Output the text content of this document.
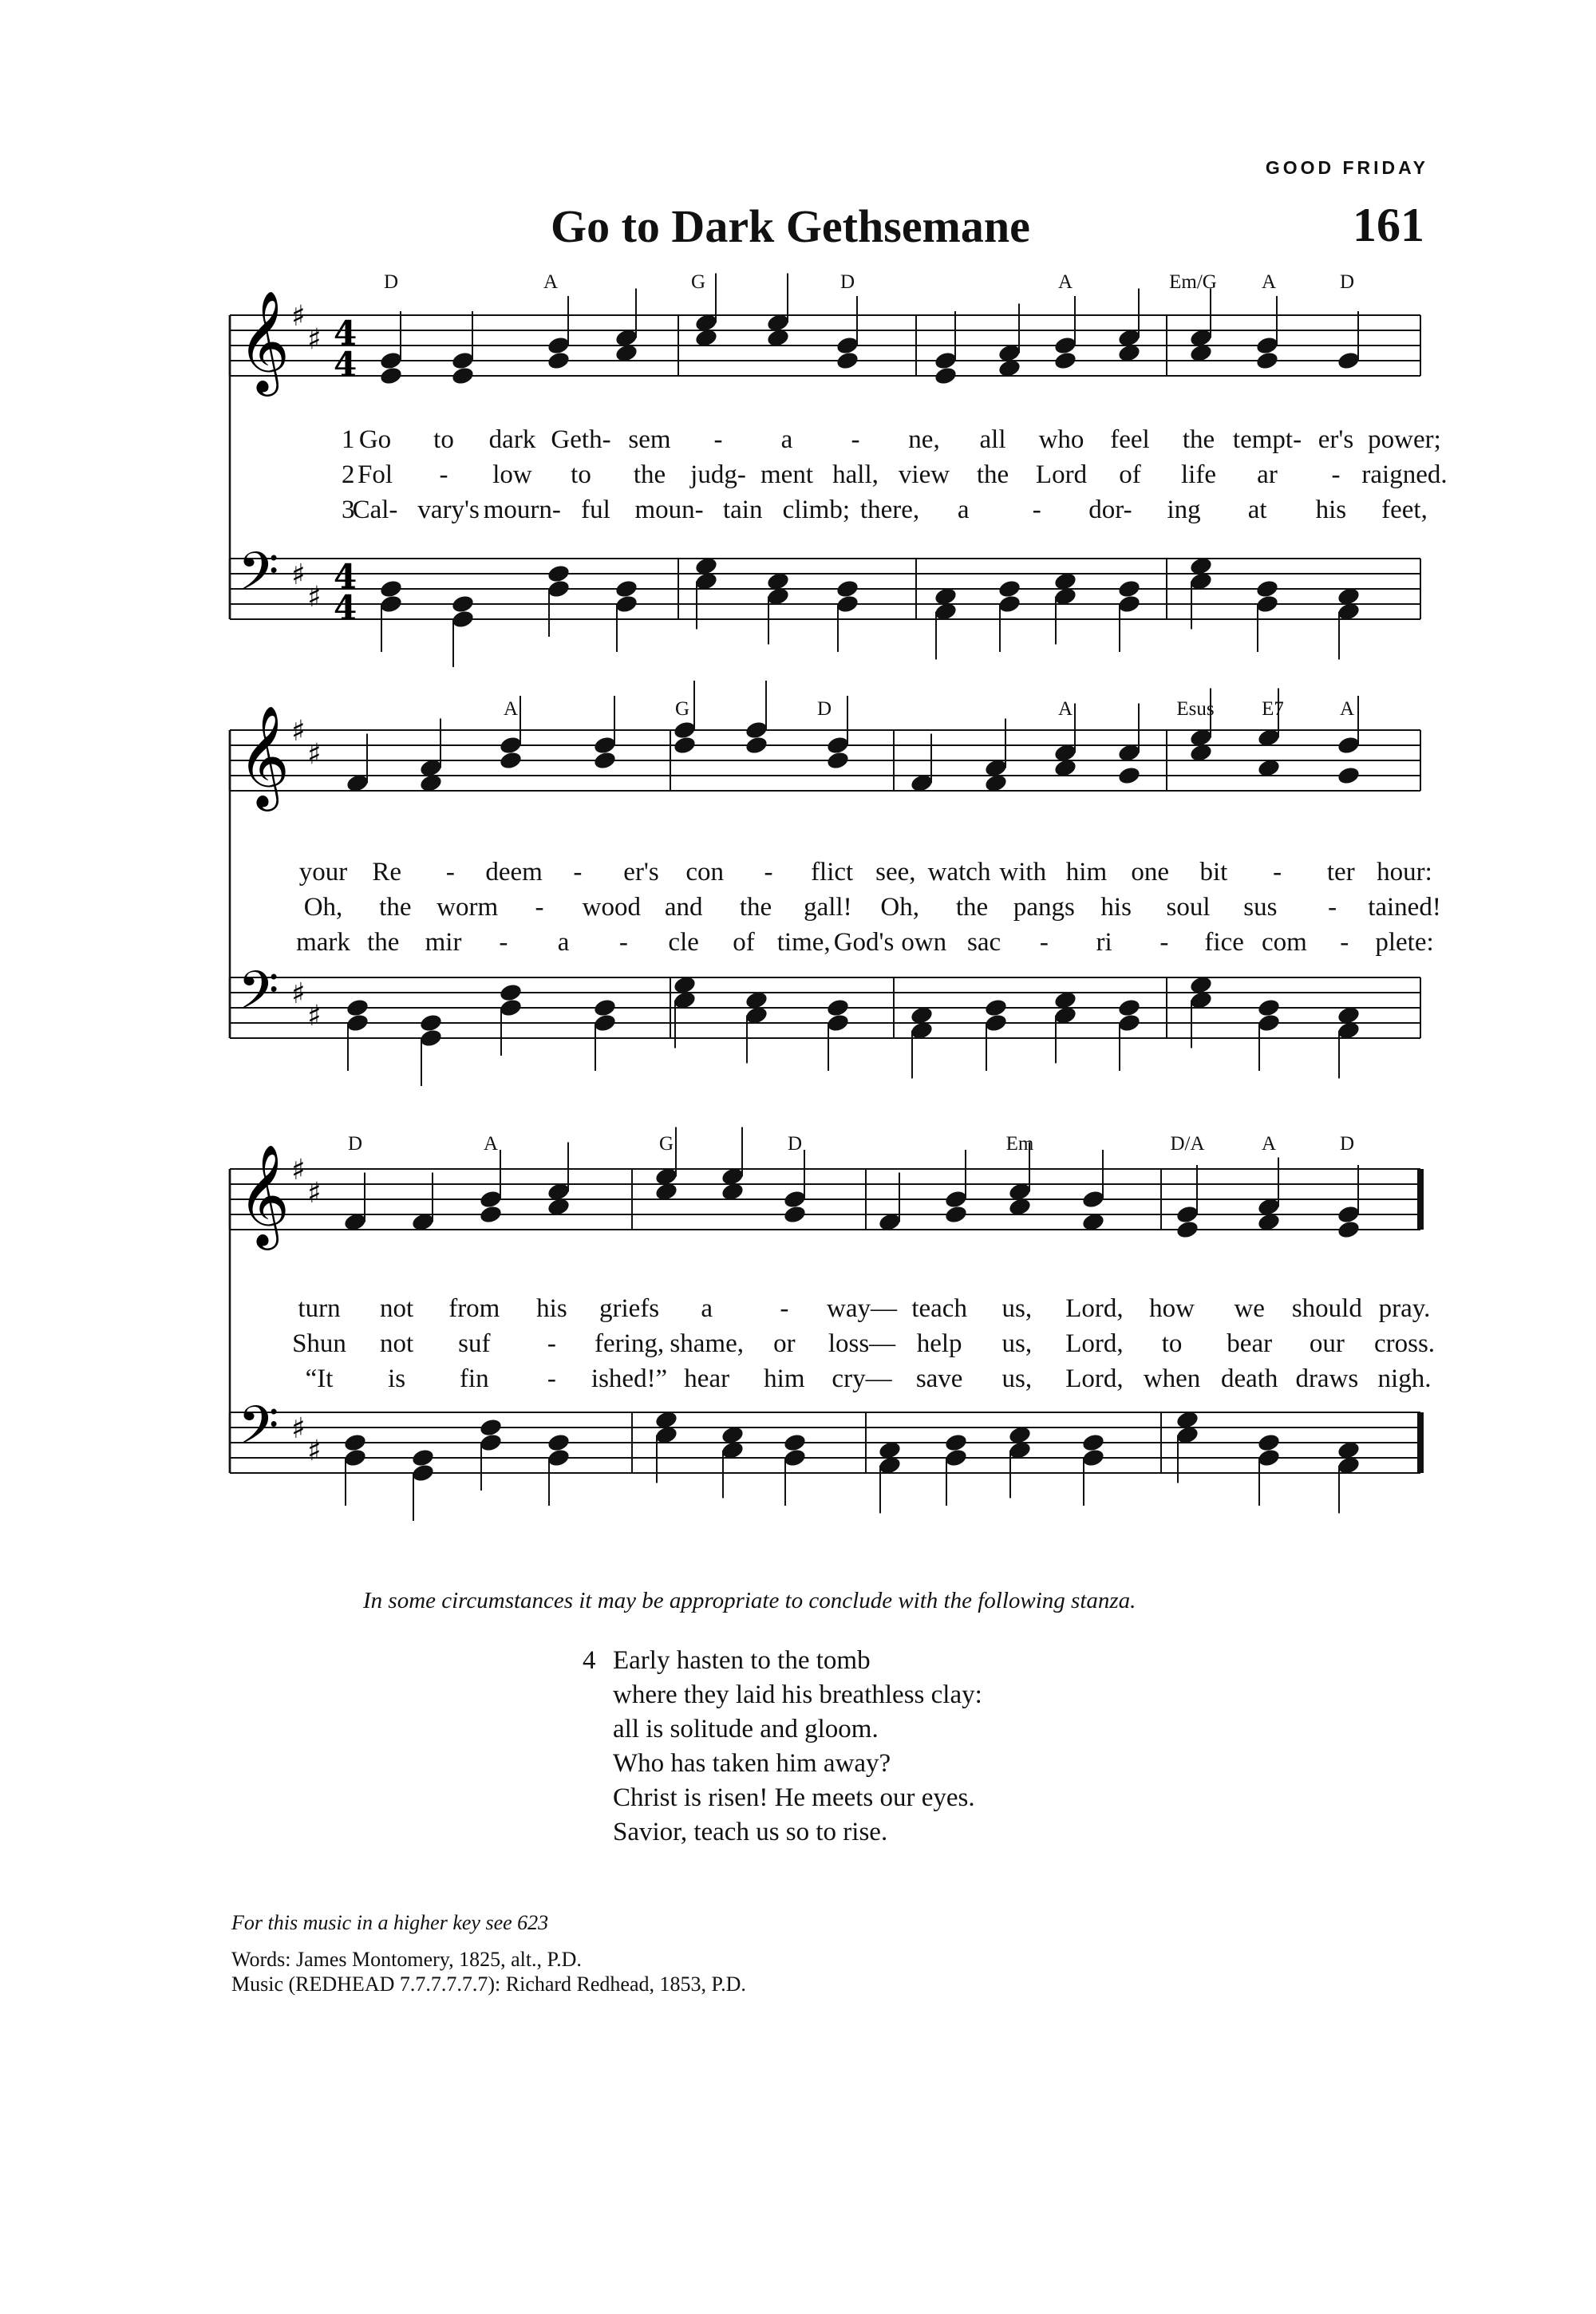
GOOD FRIDAY
Go to Dark Gethsemane	161
𝄞 ♯
♯ 4
4
𝄢 ♯
♯
4
4
𝄞 ♯
♯
𝄢 ♯
♯
𝄞 ♯
♯
𝄢 ♯
♯
D	A	G	D	A	Em/G A	D
A	G	D	A	Esus E7	A
D	A	G	D	Em	D/A	A	D
1 Go to dark Geth- sem - a - ne, all who feel the tempt- er's power;
2 Fol - low to the judg- ment hall, view the Lord of life ar - raigned.
3
Cal- vary's mourn- ful moun- tain climb; there, a - dor- ing at his feet,
your Re - deem - er's con - flict see, watch with him one bit - ter hour:
Oh, the worm - wood and the gall! Oh, the pangs his soul sus - tained!
mark the mir - a - cle of time, God's own sac - ri - fice com - plete:
turn not from his griefs a	- way— teach us, Lord, how we should pray.
Shun not suf - fering, shame, or loss— help us, Lord, to bear our cross.
“It is fin - ished!” hear him cry— save us, Lord, when death draws nigh.
In some circumstances it may be appropriate to conclude with the following stanza.
4 Early hasten to the tomb
where they laid his breathless clay:
all is solitude and gloom.
Who has taken him away?
Christ is risen! He meets our eyes.
Savior, teach us so to rise.
For this music in a higher key see 623
Words: James Montomery, 1825, alt., P.D.
Music (REDHEAD 7.7.7.7.7.7): Richard Redhead, 1853, P.D.
